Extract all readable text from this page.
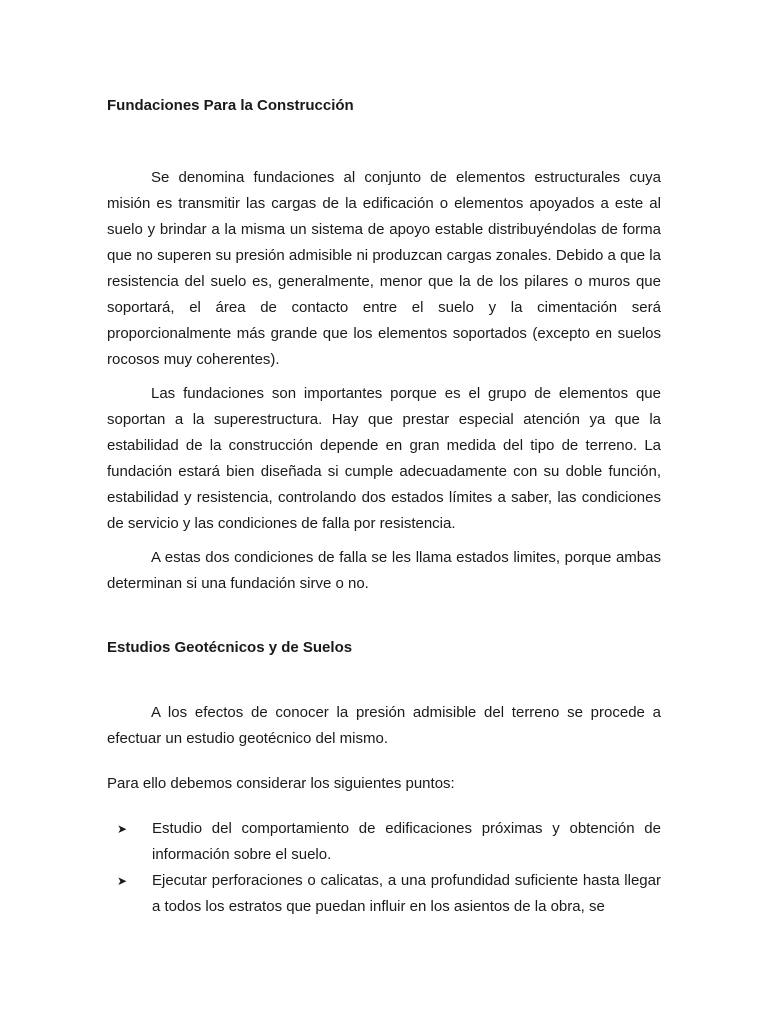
Fundaciones Para la Construcción

Se denomina fundaciones al conjunto de elementos estructurales cuya misión es transmitir las cargas de la edificación o elementos apoyados a este al suelo y brindar a la misma un sistema de apoyo estable distribuyéndolas de forma que no superen su presión admisible ni produzcan cargas zonales. Debido a que la resistencia del suelo es, generalmente, menor que la de los pilares o muros que soportará, el área de contacto entre el suelo y la cimentación será proporcionalmente más grande que los elementos soportados (excepto en suelos rocosos muy coherentes).

Las fundaciones son importantes porque es el grupo de elementos que soportan a la superestructura. Hay que prestar especial atención ya que la estabilidad de la construcción depende en gran medida del tipo de terreno. La fundación estará bien diseñada si cumple adecuadamente con su doble función, estabilidad y resistencia, controlando dos estados límites a saber, las condiciones de servicio y las condiciones de falla por resistencia.

A estas dos condiciones de falla se les llama estados limites, porque ambas determinan si una fundación sirve o no.

Estudios Geotécnicos y de Suelos

A los efectos de conocer la presión admisible del terreno se procede a efectuar un estudio geotécnico del mismo.

Para ello debemos considerar los siguientes puntos:

➤ Estudio del comportamiento de edificaciones próximas y obtención de información sobre el suelo.
➤ Ejecutar perforaciones o calicatas, a una profundidad suficiente hasta llegar a todos los estratos que puedan influir en los asientos de la obra, se
